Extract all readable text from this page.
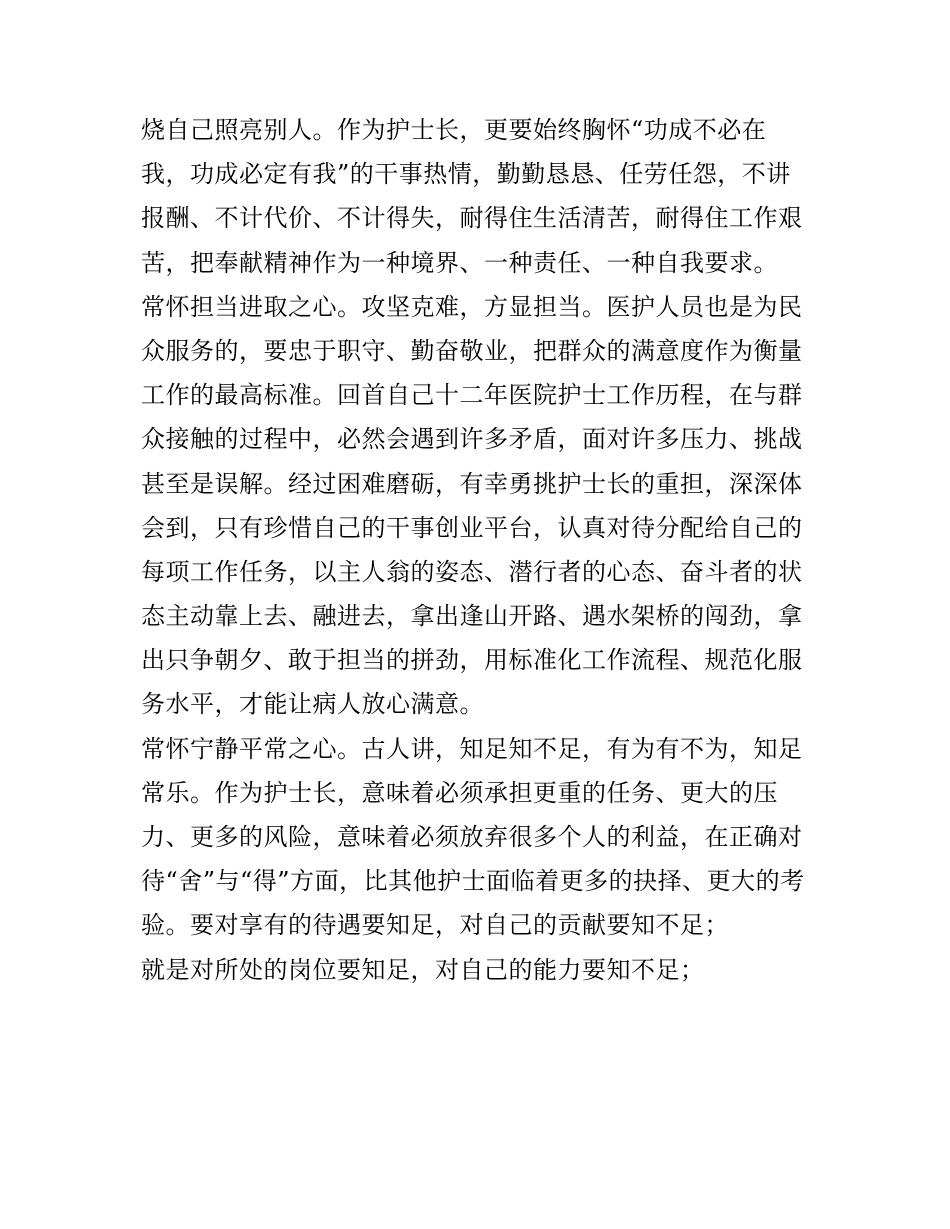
烧自己照亮别人。作为护士长，更要始终胸怀“功成不必在
我，功成必定有我”的干事热情，勤勤恳恳、任劳任怨，不讲
报酬、不计代价、不计得失，耐得住生活清苦，耐得住工作艰
苦，把奉献精神作为一种境界、一种责任、一种自我要求。
常怀担当进取之心。攻坚克难，方显担当。医护人员也是为民
众服务的，要忠于职守、勤奋敬业，把群众的满意度作为衡量
工作的最高标准。回首自己十二年医院护士工作历程，在与群
众接触的过程中，必然会遇到许多矛盾，面对许多压力、挑战
甚至是误解。经过困难磨砺，有幸勇挑护士长的重担，深深体
会到，只有珍惜自己的干事创业平台，认真对待分配给自己的
每项工作任务，以主人翁的姿态、潜行者的心态、奋斗者的状
态主动靠上去、融进去，拿出逢山开路、遇水架桥的闯劲，拿
出只争朝夕、敢于担当的拼劲，用标准化工作流程、规范化服
务水平，才能让病人放心满意。
常怀宁静平常之心。古人讲，知足知不足，有为有不为，知足
常乐。作为护士长，意味着必须承担更重的任务、更大的压
力、更多的风险，意味着必须放弃很多个人的利益，在正确对
待“舍”与“得”方面，比其他护士面临着更多的抉择、更大的考
验。要对享有的待遇要知足，对自己的贡献要知不足；
就是对所处的岗位要知足，对自己的能力要知不足；
